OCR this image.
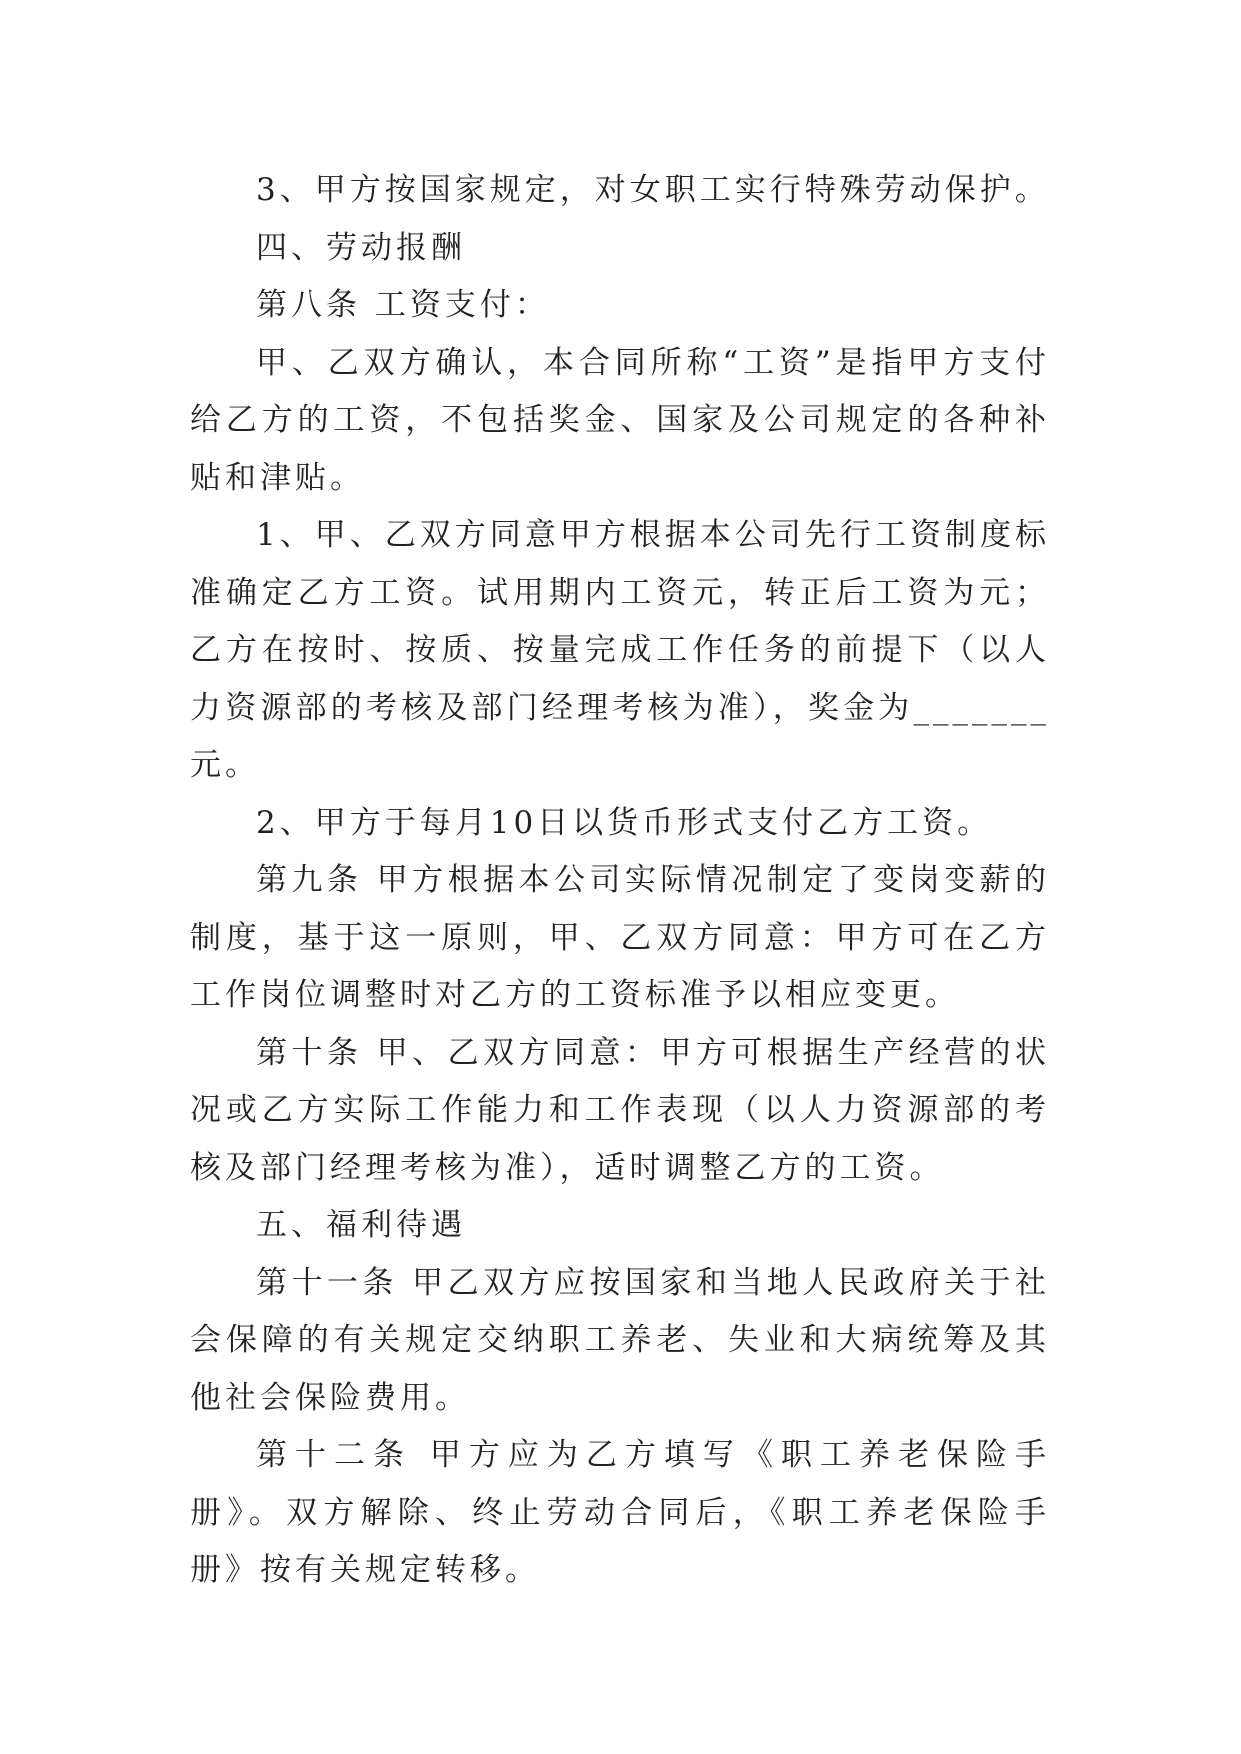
3、甲方按国家规定，对女职工实行特殊劳动保护。

四、劳动报酬

第八条 工资支付：

甲、乙双方确认，本合同所称“工资”是指甲方支付给乙方的工资，不包括奖金、国家及公司规定的各种补贴和津贴。

1、甲、乙双方同意甲方根据本公司先行工资制度标准确定乙方工资。试用期内工资元，转正后工资为元；乙方在按时、按质、按量完成工作任务的前提下（以人力资源部的考核及部门经理考核为准），奖金为_______元。

2、甲方于每月10日以货币形式支付乙方工资。

第九条 甲方根据本公司实际情况制定了变岗变薪的制度，基于这一原则，甲、乙双方同意：甲方可在乙方工作岗位调整时对乙方的工资标准予以相应变更。

第十条 甲、乙双方同意：甲方可根据生产经营的状况或乙方实际工作能力和工作表现（以人力资源部的考核及部门经理考核为准），适时调整乙方的工资。

五、福利待遇

第十一条 甲乙双方应按国家和当地人民政府关于社会保障的有关规定交纳职工养老、失业和大病统筹及其他社会保险费用。

第十二条 甲方应为乙方填写《职工养老保险手册》。双方解除、终止劳动合同后，《职工养老保险手册》按有关规定转移。
